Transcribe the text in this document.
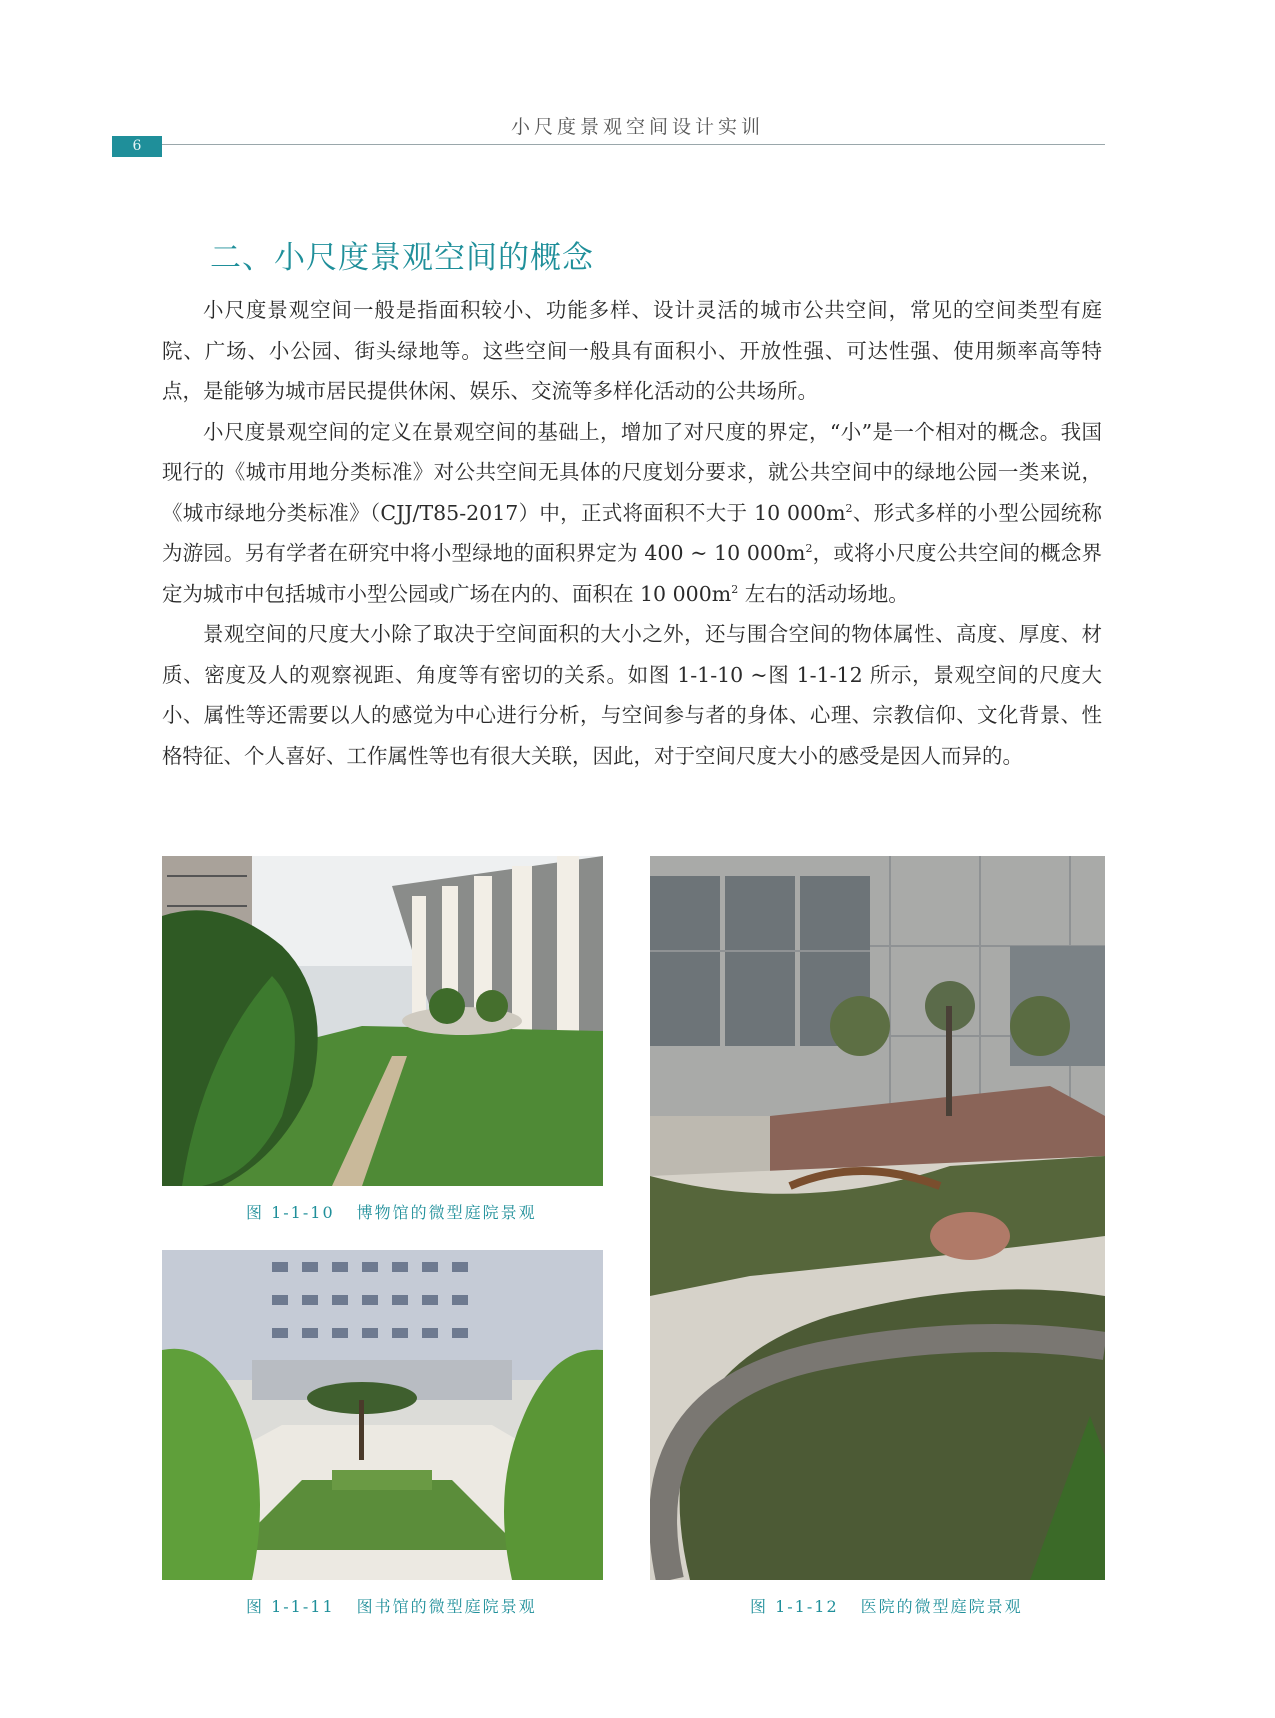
小尺度景观空间设计实训
6
二、小尺度景观空间的概念

小尺度景观空间一般是指面积较小、功能多样、设计灵活的城市公共空间，常见的空间类型有庭院、广场、小公园、街头绿地等。这些空间一般具有面积小、开放性强、可达性强、使用频率高等特点，是能够为城市居民提供休闲、娱乐、交流等多样化活动的公共场所。

小尺度景观空间的定义在景观空间的基础上，增加了对尺度的界定，“小”是一个相对的概念。我国现行的《城市用地分类标准》对公共空间无具体的尺度划分要求，就公共空间中的绿地公园一类来说，《城市绿地分类标准》（CJJ/T85-2017）中，正式将面积不大于 10 $000m^2$、形式多样的小型公园统称为游园。另有学者在研究中将小型绿地的面积界定为 400 ~ 10 $000m^2$，或将小尺度公共空间的概念界定为城市中包括城市小型公园或广场在内的、面积在 10 $000m^2$ 左右的活动场地。

景观空间的尺度大小除了取决于空间面积的大小之外，还与围合空间的物体属性、高度、厚度、材质、密度及人的观察视距、角度等有密切的关系。如图 1-1-10 ~图 1-1-12 所示，景观空间的尺度大小、属性等还需要以人的感觉为中心进行分析，与空间参与者的身体、心理、宗教信仰、文化背景、性格特征、个人喜好、工作属性等也有很大关联，因此，对于空间尺度大小的感受是因人而异的。

图 1-1-10 博物馆的微型庭院景观
图 1-1-11 图书馆的微型庭院景观	图 1-1-12 医院的微型庭院景观
